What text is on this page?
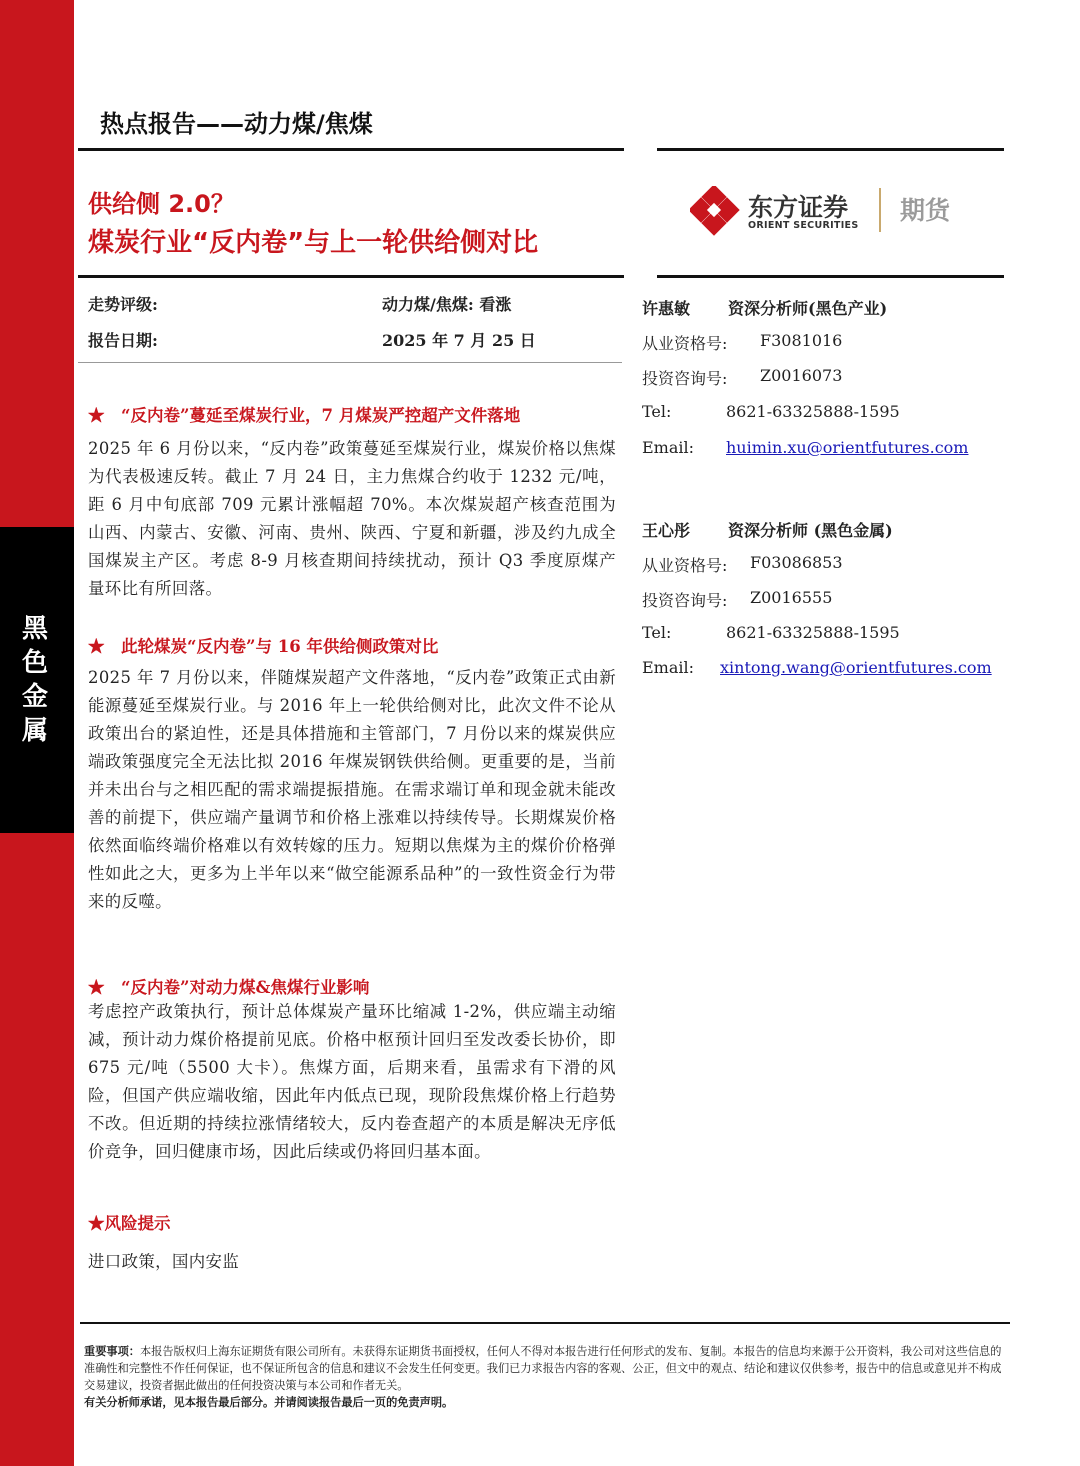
黑色金属
热点报告——动力煤/焦煤
供给侧 2.0？
煤炭行业“反内卷”与上一轮供给侧对比
东方证券
ORIENT SECURITIES
期货
走势评级:	动力煤/焦煤: 看涨
报告日期:	2025 年 7 月 25 日
★　“反内卷”蔓延至煤炭行业，7 月煤炭严控超产文件落地

2025 年 6 月份以来，“反内卷”政策蔓延至煤炭行业，煤炭价格以焦煤为代表极速反转。截止 7 月 24 日，主力焦煤合约收于 1232 元/吨，距 6 月中旬底部 709 元累计涨幅超 70%。本次煤炭超产核查范围为山西、内蒙古、安徽、河南、贵州、陕西、宁夏和新疆，涉及约九成全国煤炭主产区。考虑 8-9 月核查期间持续扰动，预计 Q3 季度原煤产量环比有所回落。

★　此轮煤炭“反内卷”与 16 年供给侧政策对比

2025 年 7 月份以来，伴随煤炭超产文件落地，“反内卷”政策正式由新能源蔓延至煤炭行业。与 2016 年上一轮供给侧对比，此次文件不论从政策出台的紧迫性，还是具体措施和主管部门，7 月份以来的煤炭供应端政策强度完全无法比拟 2016 年煤炭钢铁供给侧。更重要的是，当前并未出台与之相匹配的需求端提振措施。在需求端订单和现金就未能改善的前提下，供应端产量调节和价格上涨难以持续传导。长期煤炭价格依然面临终端价格难以有效转嫁的压力。短期以焦煤为主的煤价价格弹性如此之大，更多为上半年以来“做空能源系品种”的一致性资金行为带来的反噬。

★　“反内卷”对动力煤&焦煤行业影响

考虑控产政策执行，预计总体煤炭产量环比缩减 1-2%，供应端主动缩减，预计动力煤价格提前见底。价格中枢预计回归至发改委长协价，即 675 元/吨（5500 大卡）。焦煤方面，后期来看，虽需求有下滑的风险，但国产供应端收缩，因此年内低点已现，现阶段焦煤价格上行趋势不改。但近期的持续拉涨情绪较大，反内卷查超产的本质是解决无序低价竞争，回归健康市场，因此后续或仍将回归基本面。

★风险提示

进口政策，国内安监

许惠敏 资深分析师(黑色产业)
从业资格号: F3081016
投资咨询号: Z0016073
Tel:	8621-63325888-1595
Email: huimin.xu@orientfutures.com
王心彤 资深分析师 (黑色金属)
从业资格号: F03086853
投资咨询号: Z0016555
Tel:	8621-63325888-1595
Email: xintong.wang@orientfutures.com

重要事项：本报告版权归上海东证期货有限公司所有。未获得东证期货书面授权，任何人不得对本报告进行任何形式的发布、复制。本报告的信息均来源于公开资料，我公司对这些信息的准确性和完整性不作任何保证，也不保证所包含的信息和建议不会发生任何变更。我们已力求报告内容的客观、公正，但文中的观点、结论和建议仅供参考，报告中的信息或意见并不构成交易建议，投资者据此做出的任何投资决策与本公司和作者无关。
有关分析师承诺，见本报告最后部分。并请阅读报告最后一页的免责声明。
